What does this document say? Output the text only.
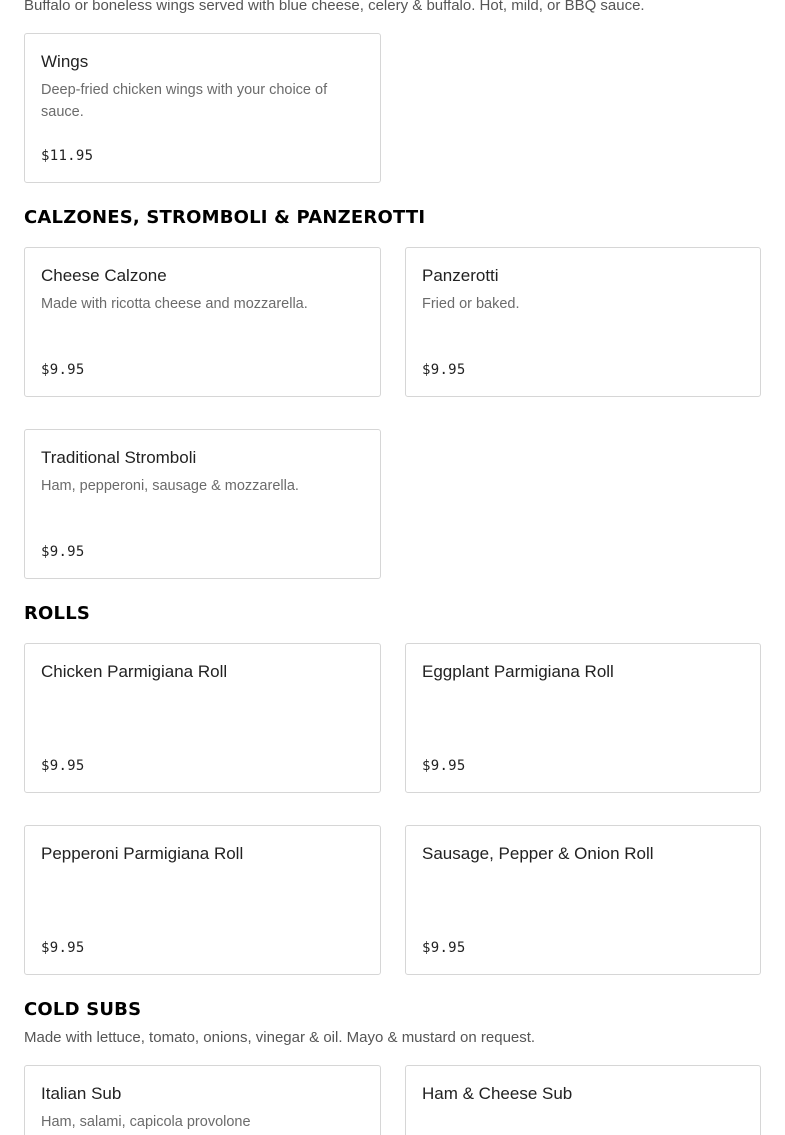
Buffalo or boneless wings served with blue cheese, celery & buffalo. Hot, mild, or BBQ sauce.
Wings
Deep-fried chicken wings with your choice of sauce.
$11.95
CALZONES, STROMBOLI & PANZEROTTI
Cheese Calzone
Made with ricotta cheese and mozzarella.
$9.95
Panzerotti
Fried or baked.
$9.95
Traditional Stromboli
Ham, pepperoni, sausage & mozzarella.
$9.95
ROLLS
Chicken Parmigiana Roll
$9.95
Eggplant Parmigiana Roll
$9.95
Pepperoni Parmigiana Roll
$9.95
Sausage, Pepper & Onion Roll
$9.95
COLD SUBS
Made with lettuce, tomato, onions, vinegar & oil. Mayo & mustard on request.
Italian Sub
Ham, salami, capicola provolone
Ham & Cheese Sub
